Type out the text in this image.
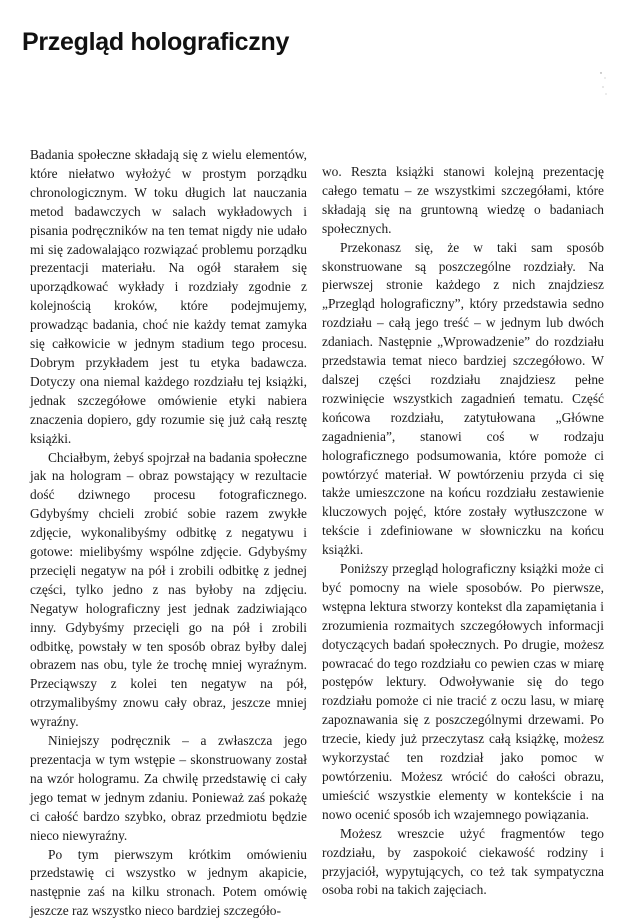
Przegląd holograficzny

Badania społeczne składają się z wielu elementów, które niełatwo wyłożyć w prostym porządku chronologicznym. W toku długich lat nauczania metod badawczych w salach wykładowych i pisania podręczników na ten temat nigdy nie udało mi się zadowalająco rozwiązać problemu porządku prezentacji materiału. Na ogół starałem się uporządkować wykłady i rozdziały zgodnie z kolejnością kroków, które podejmujemy, prowadząc badania, choć nie każdy temat zamyka się całkowicie w jednym stadium tego procesu. Dobrym przykładem jest tu etyka badawcza. Dotyczy ona niemal każdego rozdziału tej książki, jednak szczegółowe omówienie etyki nabiera znaczenia dopiero, gdy rozumie się już całą resztę książki.

Chciałbym, żebyś spojrzał na badania społeczne jak na hologram – obraz powstający w rezultacie dość dziwnego procesu fotograficznego. Gdybyśmy chcieli zrobić sobie razem zwykłe zdjęcie, wykonalibyśmy odbitkę z negatywu i gotowe: mielibyśmy wspólne zdjęcie. Gdybyśmy przecięli negatyw na pół i zrobili odbitkę z jednej części, tylko jedno z nas byłoby na zdjęciu. Negatyw holograficzny jest jednak zadziwiająco inny. Gdybyśmy przecięli go na pół i zrobili odbitkę, powstały w ten sposób obraz byłby dalej obrazem nas obu, tyle że trochę mniej wyraźnym. Przeciąwszy z kolei ten negatyw na pół, otrzymalibyśmy znowu cały obraz, jeszcze mniej wyraźny.

Niniejszy podręcznik – a zwłaszcza jego prezentacja w tym wstępie – skonstruowany został na wzór hologramu. Za chwilę przedstawię ci cały jego temat w jednym zdaniu. Ponieważ zaś pokażę ci całość bardzo szybko, obraz przedmiotu będzie nieco niewyraźny.

Po tym pierwszym krótkim omówieniu przedstawię ci wszystko w jednym akapicie, następnie zaś na kilku stronach. Potem omówię jeszcze raz wszystko nieco bardziej szczegóło-

wo. Reszta książki stanowi kolejną prezentację całego tematu – ze wszystkimi szczegółami, które składają się na gruntowną wiedzę o badaniach społecznych.

Przekonasz się, że w taki sam sposób skonstruowane są poszczególne rozdziały. Na pierwszej stronie każdego z nich znajdziesz „Przegląd holograficzny”, który przedstawia sedno rozdziału – całą jego treść – w jednym lub dwóch zdaniach. Następnie „Wprowadzenie” do rozdziału przedstawia temat nieco bardziej szczegółowo. W dalszej części rozdziału znajdziesz pełne rozwinięcie wszystkich zagadnień tematu. Część końcowa rozdziału, zatytułowana „Główne zagadnienia”, stanowi coś w rodzaju holograficznego podsumowania, które pomoże ci powtórzyć materiał. W powtórzeniu przyda ci się także umieszczone na końcu rozdziału zestawienie kluczowych pojęć, które zostały wytłuszczone w tekście i zdefiniowane w słowniczku na końcu książki.

Poniższy przegląd holograficzny książki może ci być pomocny na wiele sposobów. Po pierwsze, wstępna lektura stworzy kontekst dla zapamiętania i zrozumienia rozmaitych szczegółowych informacji dotyczących badań społecznych. Po drugie, możesz powracać do tego rozdziału co pewien czas w miarę postępów lektury. Odwoływanie się do tego rozdziału pomoże ci nie tracić z oczu lasu, w miarę zapoznawania się z poszczególnymi drzewami. Po trzecie, kiedy już przeczytasz całą książkę, możesz wykorzystać ten rozdział jako pomoc w powtórzeniu. Możesz wrócić do całości obrazu, umieścić wszystkie elementy w kontekście i na nowo ocenić sposób ich wzajemnego powiązania.

Możesz wreszcie użyć fragmentów tego rozdziału, by zaspokoić ciekawość rodziny i przyjaciół, wypytujących, co też tak sympatyczna osoba robi na takich zajęciach.
